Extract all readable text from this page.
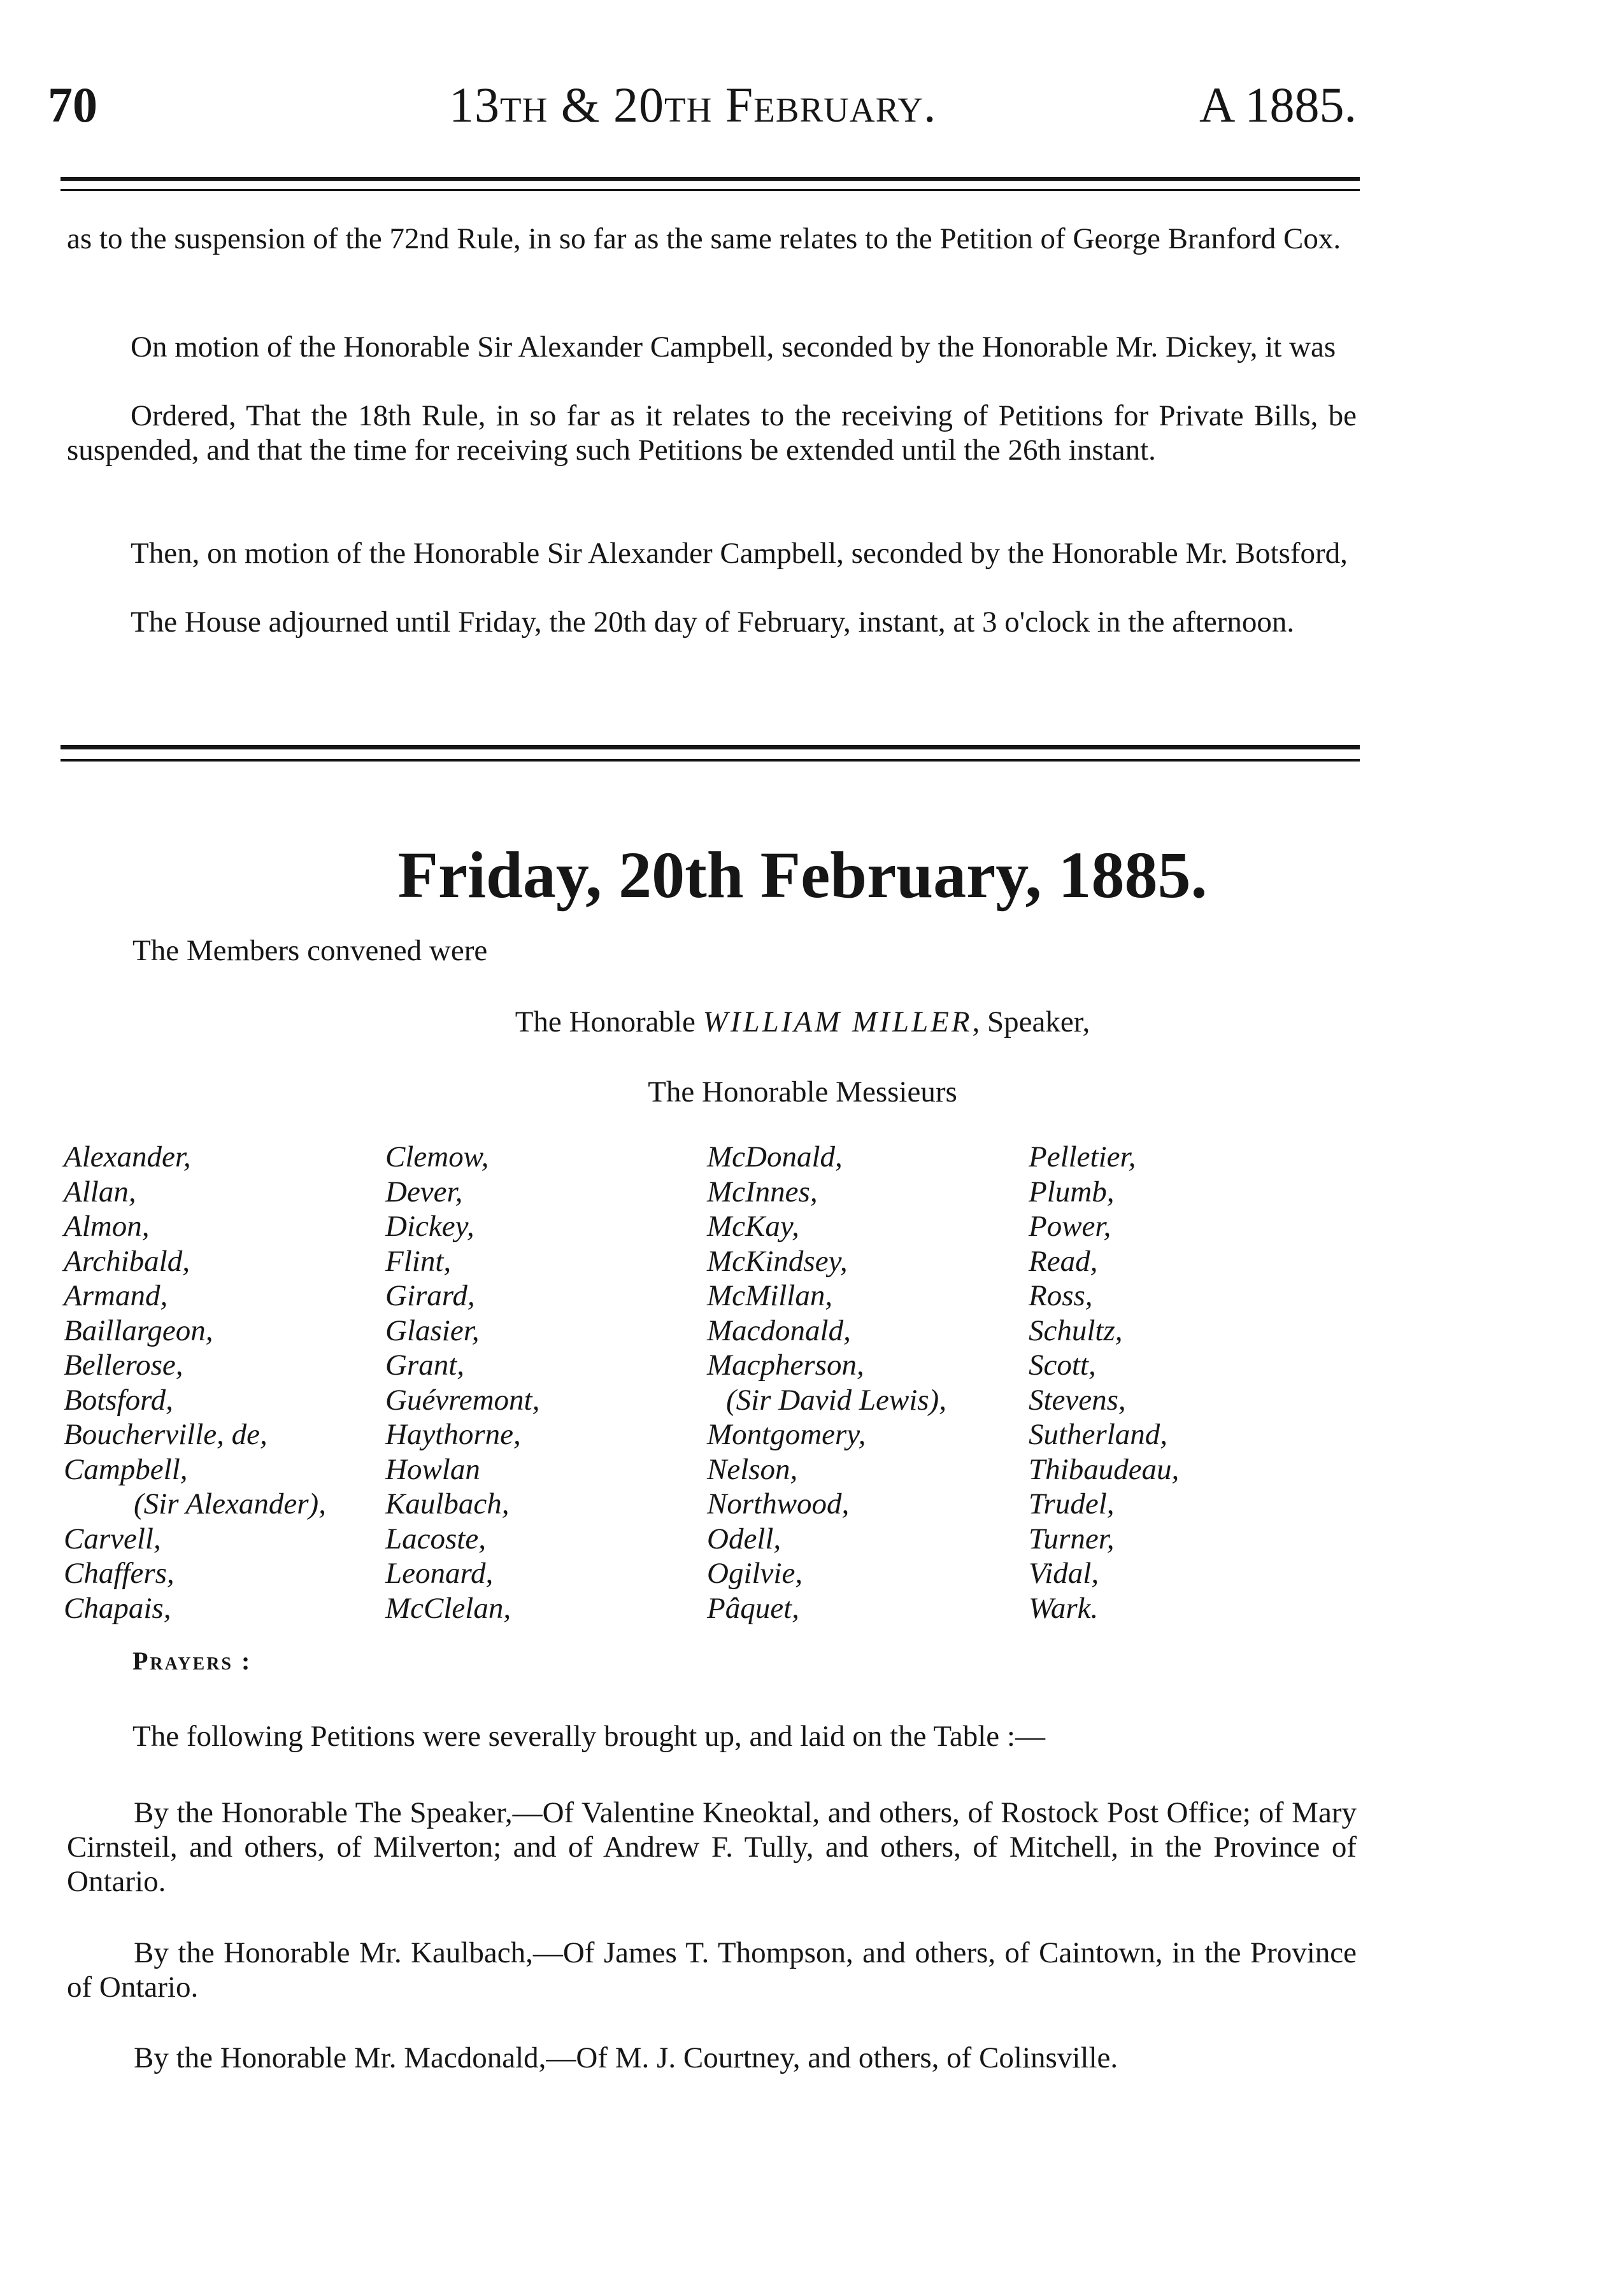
70	13th & 20th February.	A 1885.

as to the suspension of the 72nd Rule, in so far as the same relates to the Petition of George Branford Cox.

On motion of the Honorable Sir Alexander Campbell, seconded by the Honorable Mr. Dickey, it was

Ordered, That the 18th Rule, in so far as it relates to the receiving of Petitions for Private Bills, be suspended, and that the time for receiving such Petitions be extended until the 26th instant.

Then, on motion of the Honorable Sir Alexander Campbell, seconded by the Honorable Mr. Botsford,

The House adjourned until Friday, the 20th day of February, instant, at 3 o'clock in the afternoon.

Friday, 20th February, 1885.

The Members convened were

The Honorable WILLIAM MILLER, Speaker,
The Honorable Messieurs
Alexander,
Allan,
Almon,
Archibald,
Armand,
Baillargeon,
Bellerose,
Botsford,
Boucherville, de,
Campbell,
(Sir Alexander),
Carvell,
Chaffers,
Chapais,
Clemow,
Dever,
Dickey,
Flint,
Girard,
Glasier,
Grant,
Guévremont,
Haythorne,
Howlan
Kaulbach,
Lacoste,
Leonard,
McClelan,
McDonald,
McInnes,
McKay,
McKindsey,
McMillan,
Macdonald,
Macpherson,
(Sir David Lewis),
Montgomery,
Nelson,
Northwood,
Odell,
Ogilvie,
Pâquet,
Pelletier,
Plumb,
Power,
Read,
Ross,
Schultz,
Scott,
Stevens,
Sutherland,
Thibaudeau,
Trudel,
Turner,
Vidal,
Wark.
Prayers :

The following Petitions were severally brought up, and laid on the Table :—

By the Honorable The Speaker,—Of Valentine Kneoktal, and others, of Rostock Post Office; of Mary Cirnsteil, and others, of Milverton; and of Andrew F. Tully, and others, of Mitchell, in the Province of Ontario.

By the Honorable Mr. Kaulbach,—Of James T. Thompson, and others, of Caintown, in the Province of Ontario.

By the Honorable Mr. Macdonald,—Of M. J. Courtney, and others, of Colinsville.
